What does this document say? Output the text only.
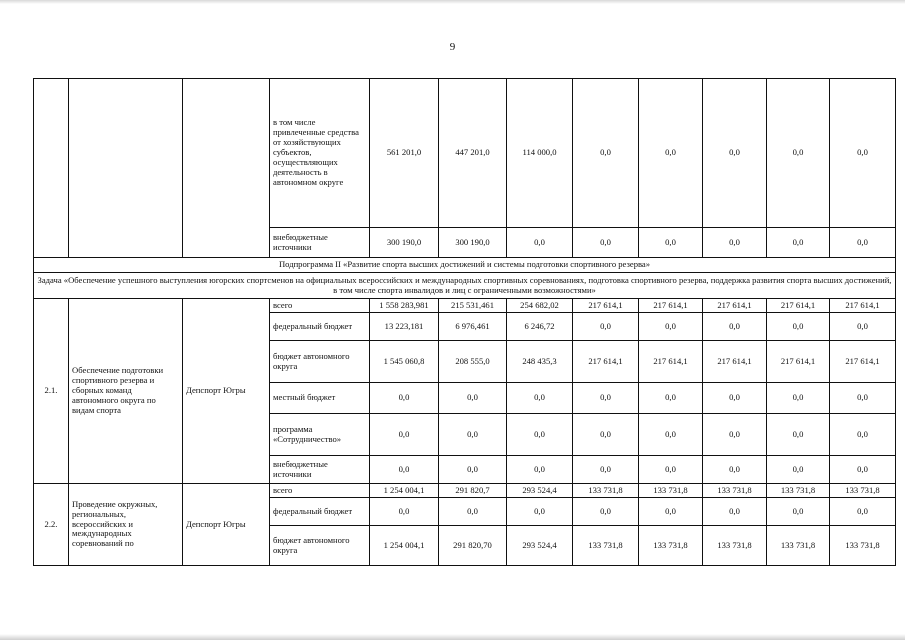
9
			в том числе привлеченные средства от хозяйствующих субъектов, осуществляющих деятельность в автономном округе	561 201,0	447 201,0	114 000,0	0,0	0,0	0,0	0,0	0,0
			внебюджетные источники	300 190,0	300 190,0	0,0	0,0	0,0	0,0	0,0	0,0
Подпрограмма II «Развитие спорта высших достижений и системы подготовки спортивного резерва»											
Задача «Обеспечение успешного выступления югорских спортсменов на официальных всероссийских и международных спортивных соревнованиях, подготовка спортивного резерва, поддержка развития спорта высших достижений, в том числе спорта инвалидов и лиц с ограниченными возможностями»											
2.1.	Обеспечение подготовки спортивного резерва и сборных команд автономного округа по видам спорта	Депспорт Югры	всего	1 558 283,981	215 531,461	254 682,02	217 614,1	217 614,1	217 614,1	217 614,1	217 614,1
			федеральный бюджет	13 223,181	6 976,461	6 246,72	0,0	0,0	0,0	0,0	0,0
			бюджет автономного округа	1 545 060,8	208 555,0	248 435,3	217 614,1	217 614,1	217 614,1	217 614,1	217 614,1
			местный бюджет	0,0	0,0	0,0	0,0	0,0	0,0	0,0	0,0
			программа «Сотрудничество»	0,0	0,0	0,0	0,0	0,0	0,0	0,0	0,0
			внебюджетные источники	0,0	0,0	0,0	0,0	0,0	0,0	0,0	0,0
2.2.	Проведение окружных, региональных, всероссийских и международных соревнований по	Депспорт Югры	всего	1 254 004,1	291 820,7	293 524,4	133 731,8	133 731,8	133 731,8	133 731,8	133 731,8
			федеральный бюджет	0,0	0,0	0,0	0,0	0,0	0,0	0,0	0,0
			бюджет автономного округа	1 254 004,1	291 820,70	293 524,4	133 731,8	133 731,8	133 731,8	133 731,8	133 731,8
